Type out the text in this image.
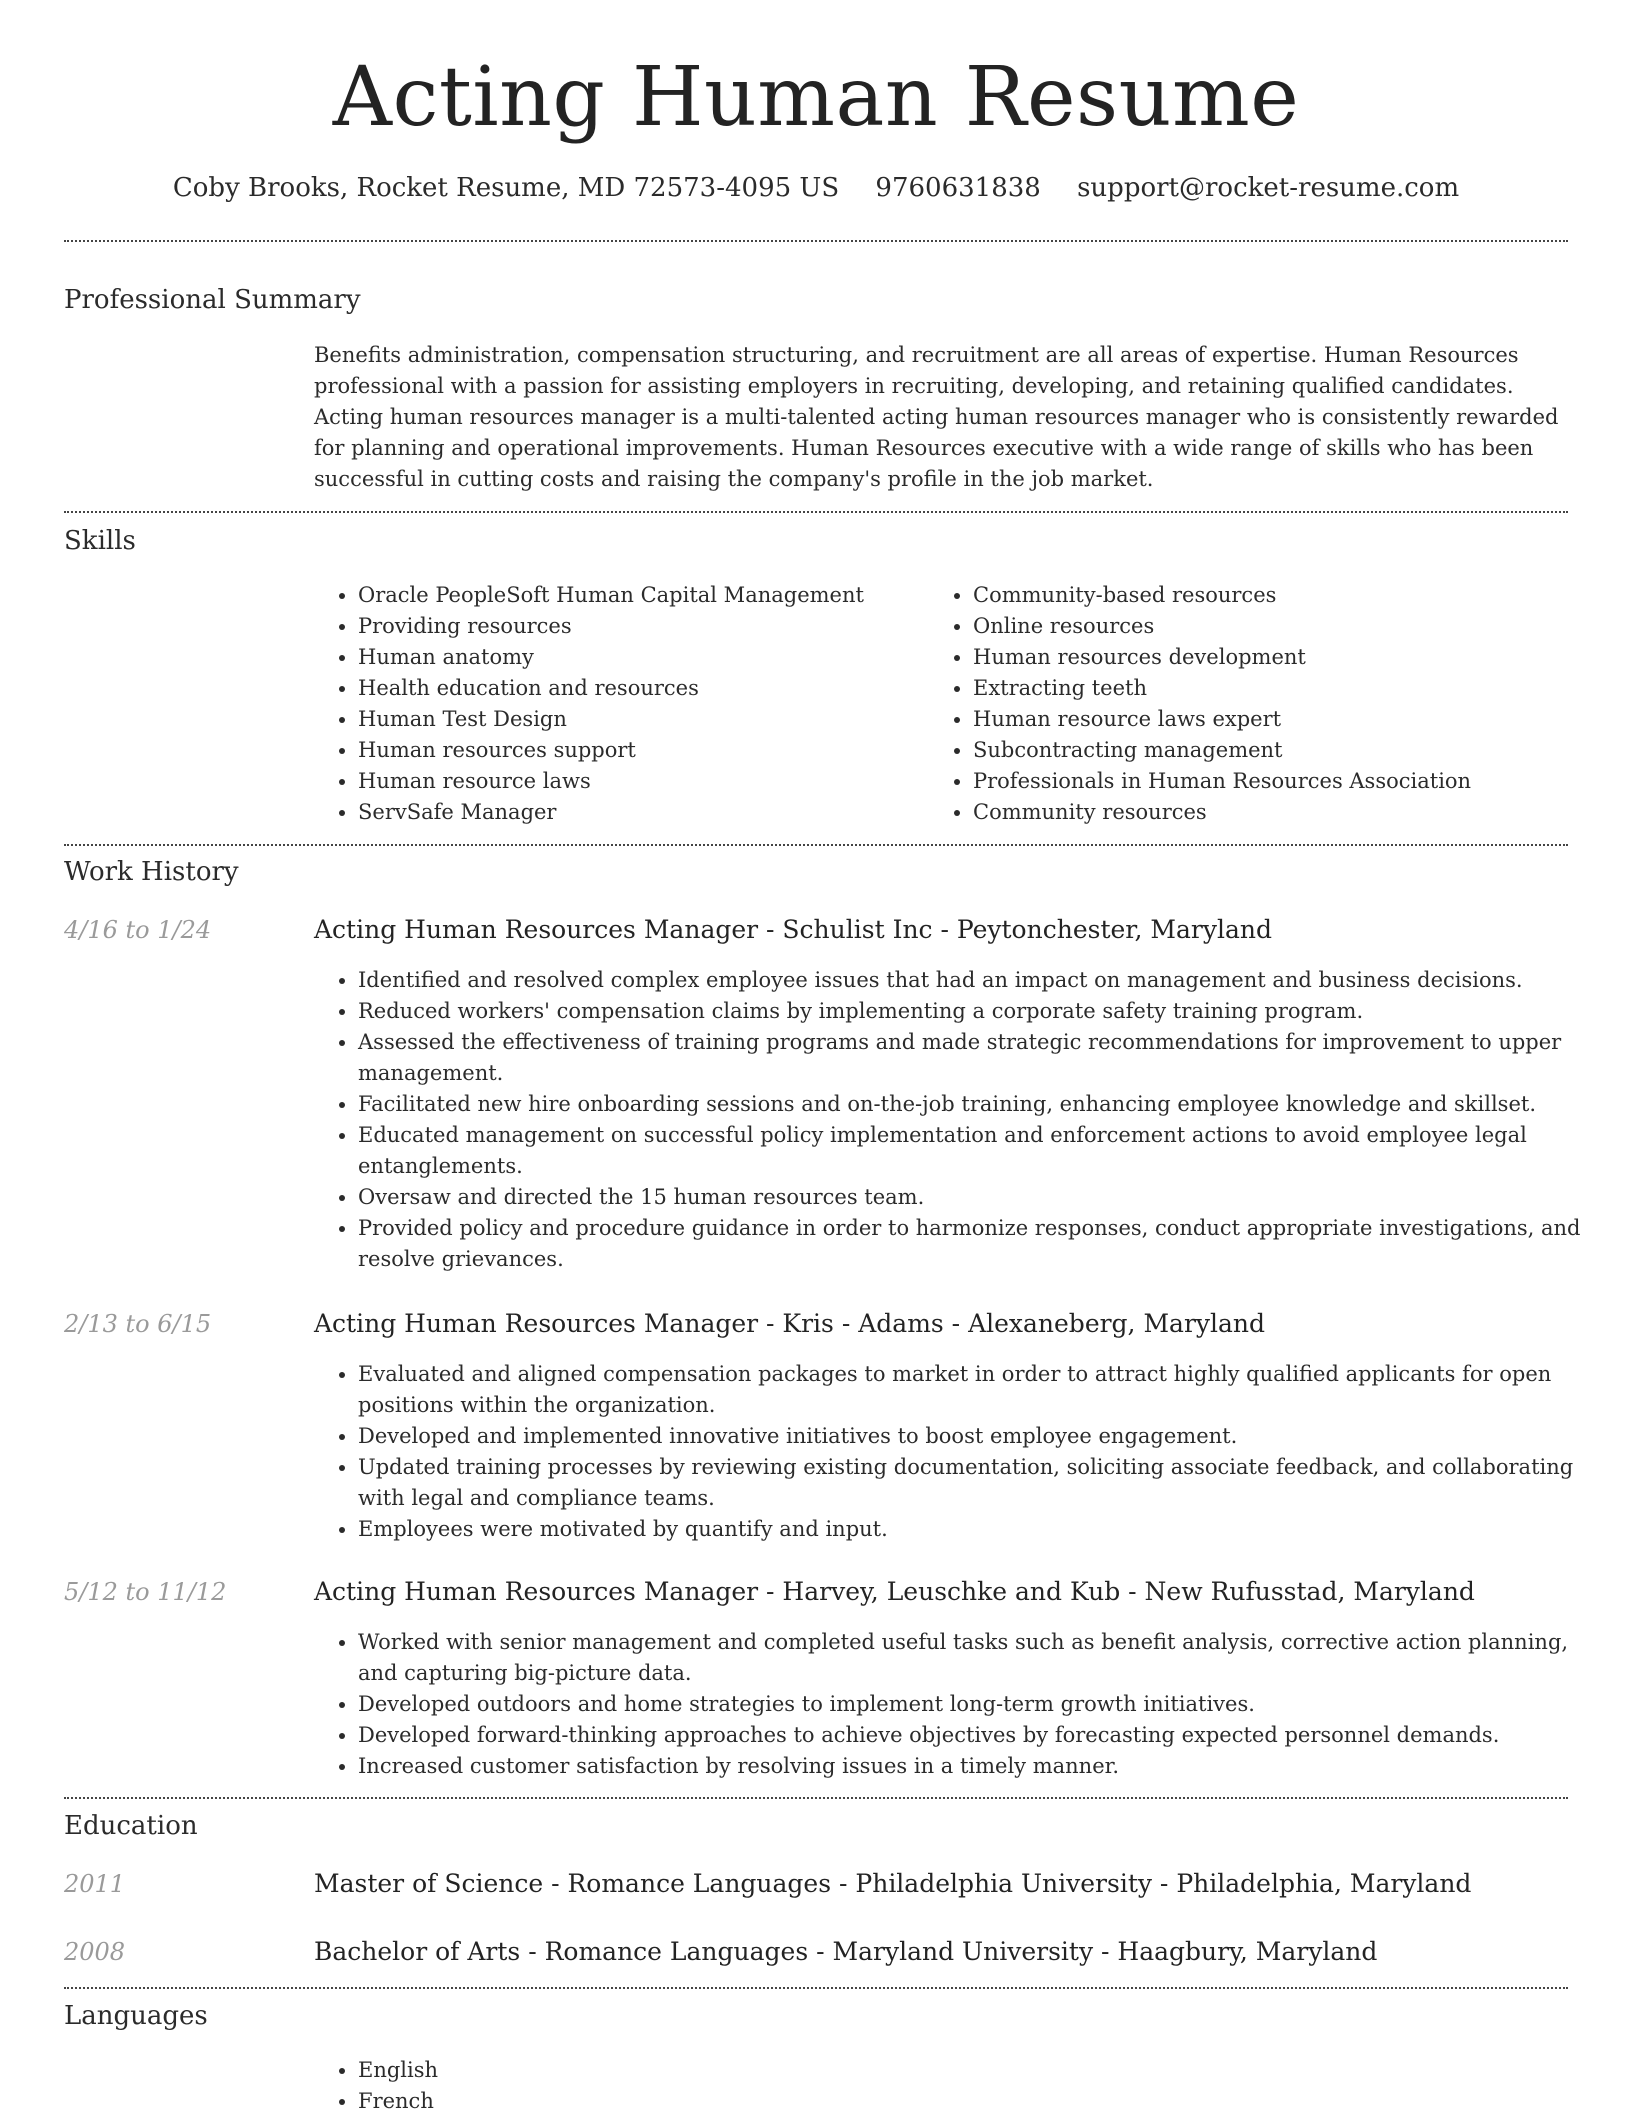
Acting Human Resume
Coby Brooks, Rocket Resume, MD 72573-4095 US 9760631838 support@rocket-resume.com
Professional Summary
Benefits administration, compensation structuring, and recruitment are all areas of expertise. Human Resources professional with a passion for assisting employers in recruiting, developing, and retaining qualified candidates. Acting human resources manager is a multi-talented acting human resources manager who is consistently rewarded for planning and operational improvements. Human Resources executive with a wide range of skills who has been successful in cutting costs and raising the company's profile in the job market.
Skills
• Oracle PeopleSoft Human Capital Management
• Providing resources
• Human anatomy
• Health education and resources
• Human Test Design
• Human resources support
• Human resource laws
• ServSafe Manager
• Community-based resources
• Online resources
• Human resources development
• Extracting teeth
• Human resource laws expert
• Subcontracting management
• Professionals in Human Resources Association
• Community resources
Work History
4/16 to 1/24	Acting Human Resources Manager - Schulist Inc - Peytonchester, Maryland
• Identified and resolved complex employee issues that had an impact on management and business decisions.
• Reduced workers' compensation claims by implementing a corporate safety training program.
• Assessed the effectiveness of training programs and made strategic recommendations for improvement to upper management.
• Facilitated new hire onboarding sessions and on-the-job training, enhancing employee knowledge and skillset.
• Educated management on successful policy implementation and enforcement actions to avoid employee legal entanglements.
• Oversaw and directed the 15 human resources team.
• Provided policy and procedure guidance in order to harmonize responses, conduct appropriate investigations, and resolve grievances.
2/13 to 6/15	Acting Human Resources Manager - Kris - Adams - Alexaneberg, Maryland
• Evaluated and aligned compensation packages to market in order to attract highly qualified applicants for open positions within the organization.
• Developed and implemented innovative initiatives to boost employee engagement.
• Updated training processes by reviewing existing documentation, soliciting associate feedback, and collaborating with legal and compliance teams.
• Employees were motivated by quantify and input.
5/12 to 11/12	Acting Human Resources Manager - Harvey, Leuschke and Kub - New Rufusstad, Maryland
• Worked with senior management and completed useful tasks such as benefit analysis, corrective action planning, and capturing big-picture data.
• Developed outdoors and home strategies to implement long-term growth initiatives.
• Developed forward-thinking approaches to achieve objectives by forecasting expected personnel demands.
• Increased customer satisfaction by resolving issues in a timely manner.
Education
2011	Master of Science - Romance Languages - Philadelphia University - Philadelphia, Maryland
2008	Bachelor of Arts - Romance Languages - Maryland University - Haagbury, Maryland
Languages
• English
• French
